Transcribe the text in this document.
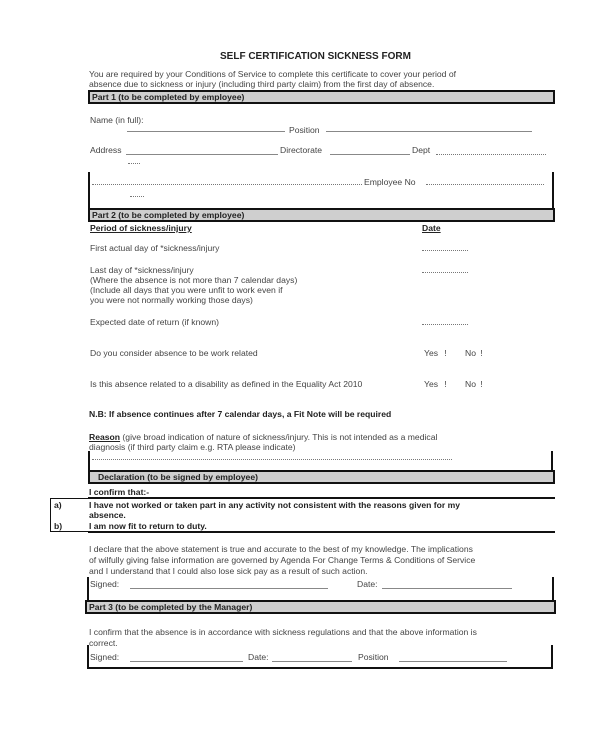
SELF CERTIFICATION SICKNESS FORM
You are required by your Conditions of Service to complete this certificate to cover your period of
absence due to sickness or injury (including third party claim) from the first day of absence.
Part 1 (to be completed by employee)
Name (in full):
Position
Address	Directorate	Dept
Employee No
Part 2 (to be completed by employee)
Period of sickness/injury	Date
First actual day of *sickness/injury
Last day of *sickness/injury
(Where the absence is not more than 7 calendar days)
(Include all days that you were unfit to work even if
you were not normally working those days)
Expected date of return (if known)
Do you consider absence to be work related	Yes ! No !
Is this absence related to a disability as defined in the Equality Act 2010	Yes ! No !
N.B: If absence continues after 7 calendar days, a Fit Note will be required
Reason (give broad indication of nature of sickness/injury. This is not intended as a medical
diagnosis (if third party claim e.g. RTA please indicate)
Declaration (to be signed by employee)
I confirm that:-
a)	I have not worked or taken part in any activity not consistent with the reasons given for my
absence.
b)	I am now fit to return to duty.
I declare that the above statement is true and accurate to the best of my knowledge. The implications
of wilfully giving false information are governed by Agenda For Change Terms & Conditions of Service
and I understand that I could also lose sick pay as a result of such action.
Signed:	Date:
Part 3 (to be completed by the Manager)
I confirm that the absence is in accordance with sickness regulations and that the above information is
correct.
Signed:	Date:	Position
